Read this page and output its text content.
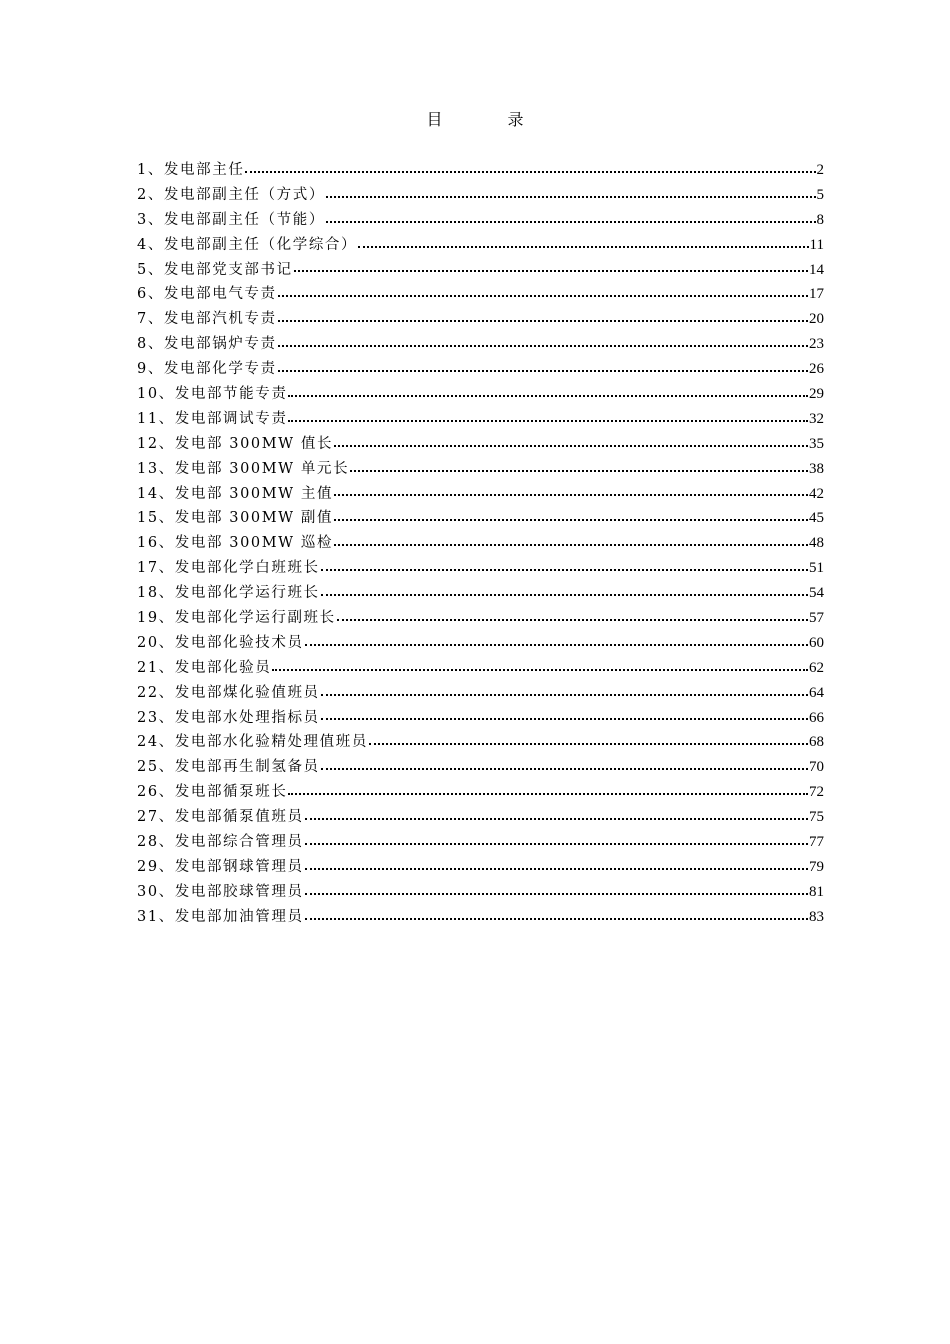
目 录
1、发电部主任	2
2、发电部副主任（方式）	5
3、发电部副主任（节能）	8
4、发电部副主任（化学综合）	11
5、发电部党支部书记	14
6、发电部电气专责	17
7、发电部汽机专责	20
8、发电部锅炉专责	23
9、发电部化学专责	26
10、发电部节能专责	29
11、发电部调试专责	32
12、发电部 300MW 值长	35
13、发电部 300MW 单元长	38
14、发电部 300MW 主值	42
15、发电部 300MW 副值	45
16、发电部 300MW 巡检	48
17、发电部化学白班班长	51
18、发电部化学运行班长	54
19、发电部化学运行副班长	57
20、发电部化验技术员	60
21、发电部化验员	62
22、发电部煤化验值班员	64
23、发电部水处理指标员	66
24、发电部水化验精处理值班员	68
25、发电部再生制氢备员	70
26、发电部循泵班长	72
27、发电部循泵值班员	75
28、发电部综合管理员	77
29、发电部钢球管理员	79
30、发电部胶球管理员	81
31、发电部加油管理员	83
